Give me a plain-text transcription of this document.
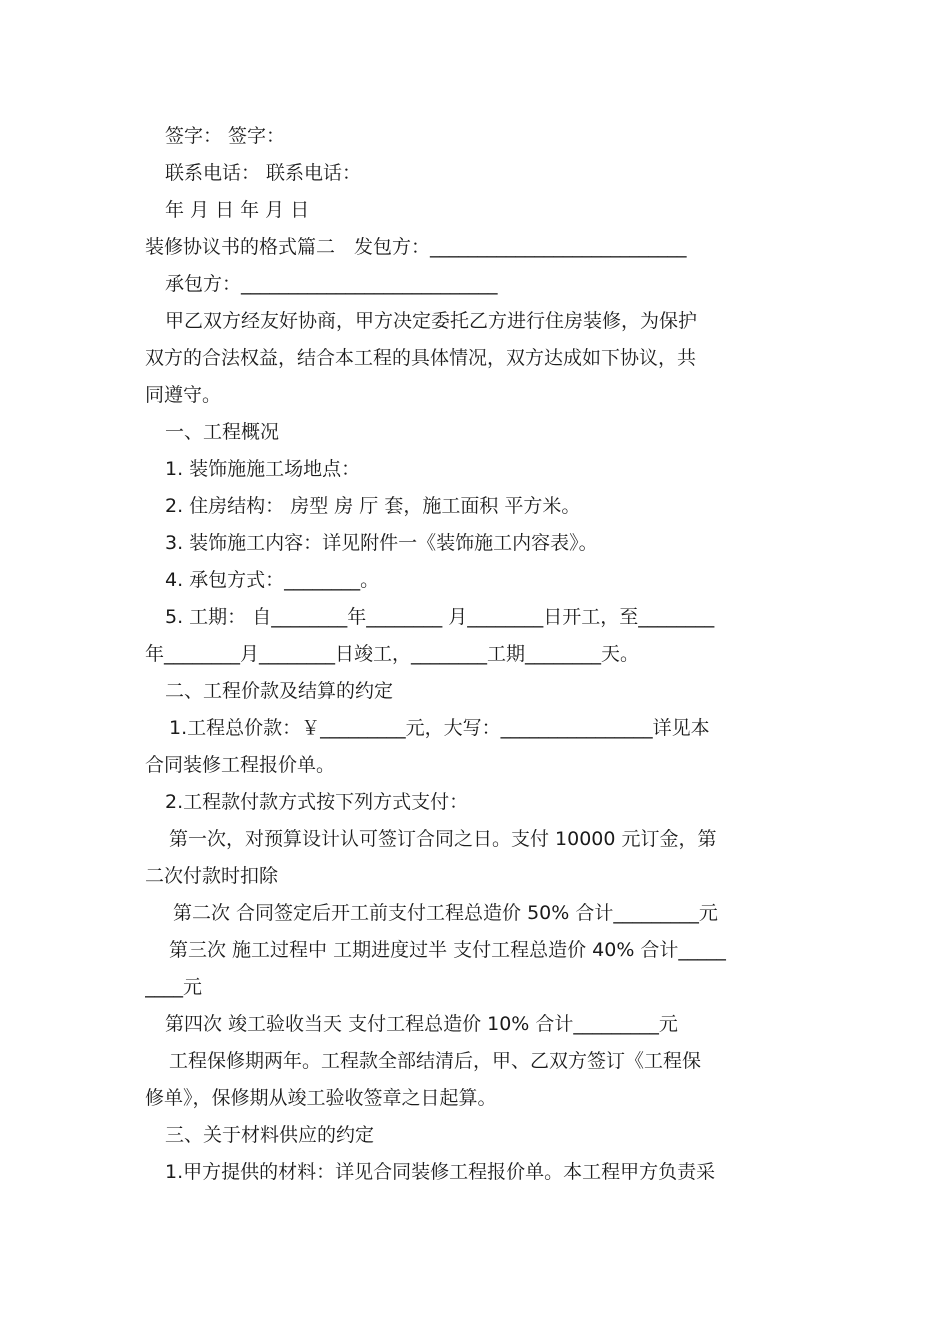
签字： 签字：
联系电话： 联系电话：
年 月 日 年 月 日
装修协议书的格式篇二　发包方：___________________________
承包方：___________________________
甲乙双方经友好协商，甲方决定委托乙方进行住房装修，为保护
双方的合法权益，结合本工程的具体情况，双方达成如下协议，共
同遵守。
一、工程概况
1. 装饰施施工场地点：
2. 住房结构： 房型 房 厅 套，施工面积 平方米。
3. 装饰施工内容：详见附件一《装饰施工内容表》。
4. 承包方式：________。
5. 工期： 自________年________ 月________日开工，至________
年________月________日竣工，________工期________天。
二、工程价款及结算的约定
1.工程总价款：￥_________元，大写：________________详见本
合同装修工程报价单。
2.工程款付款方式按下列方式支付：
第一次，对预算设计认可签订合同之日。支付 10000 元订金，第
二次付款时扣除
第二次 合同签定后开工前支付工程总造价 50% 合计_________元
第三次 施工过程中 工期进度过半 支付工程总造价 40% 合计_____
____元
第四次 竣工验收当天 支付工程总造价 10% 合计_________元
工程保修期两年。工程款全部结清后，甲、乙双方签订《工程保
修单》，保修期从竣工验收签章之日起算。
三、关于材料供应的约定
1.甲方提供的材料：详见合同装修工程报价单。本工程甲方负责采
